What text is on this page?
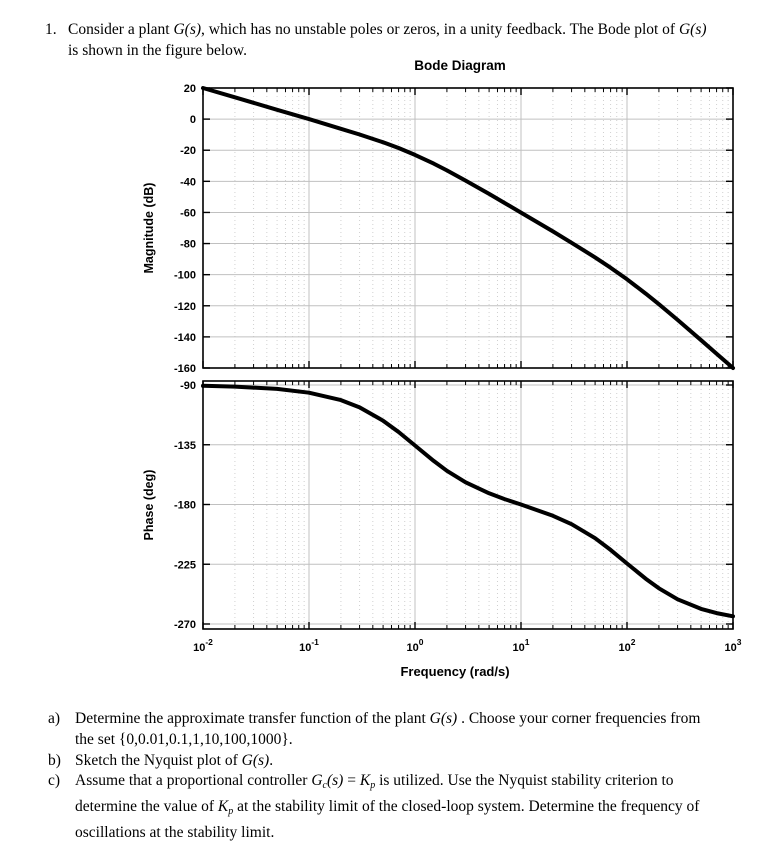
1. Consider a plant G(s), which has no unstable poles or zeros, in a unity feedback. The Bode plot of G(s)
is shown in the figure below.
Bode Diagram
Magnitude (dB)
Phase (deg)
Frequency (rad/s)
20
0
-20
-40
-60
-80
-100
-120
-140
-160
-90
-135
-180
-225
-270
$10^{-2}$	$10^{-1}$	$10^0$	$10^1$	$10^2$	$10^3$
a) Determine the approximate transfer function of the plant G(s) . Choose your corner frequencies from
the set {0,0.01,0.1,1,10,100,1000}.
b) Sketch the Nyquist plot of G(s).
c) Assume that a proportional controller $G_c(s) = K_p$ is utilized. Use the Nyquist stability criterion to
determine the value of $K_p$ at the stability limit of the closed-loop system. Determine the frequency of
oscillations at the stability limit.
